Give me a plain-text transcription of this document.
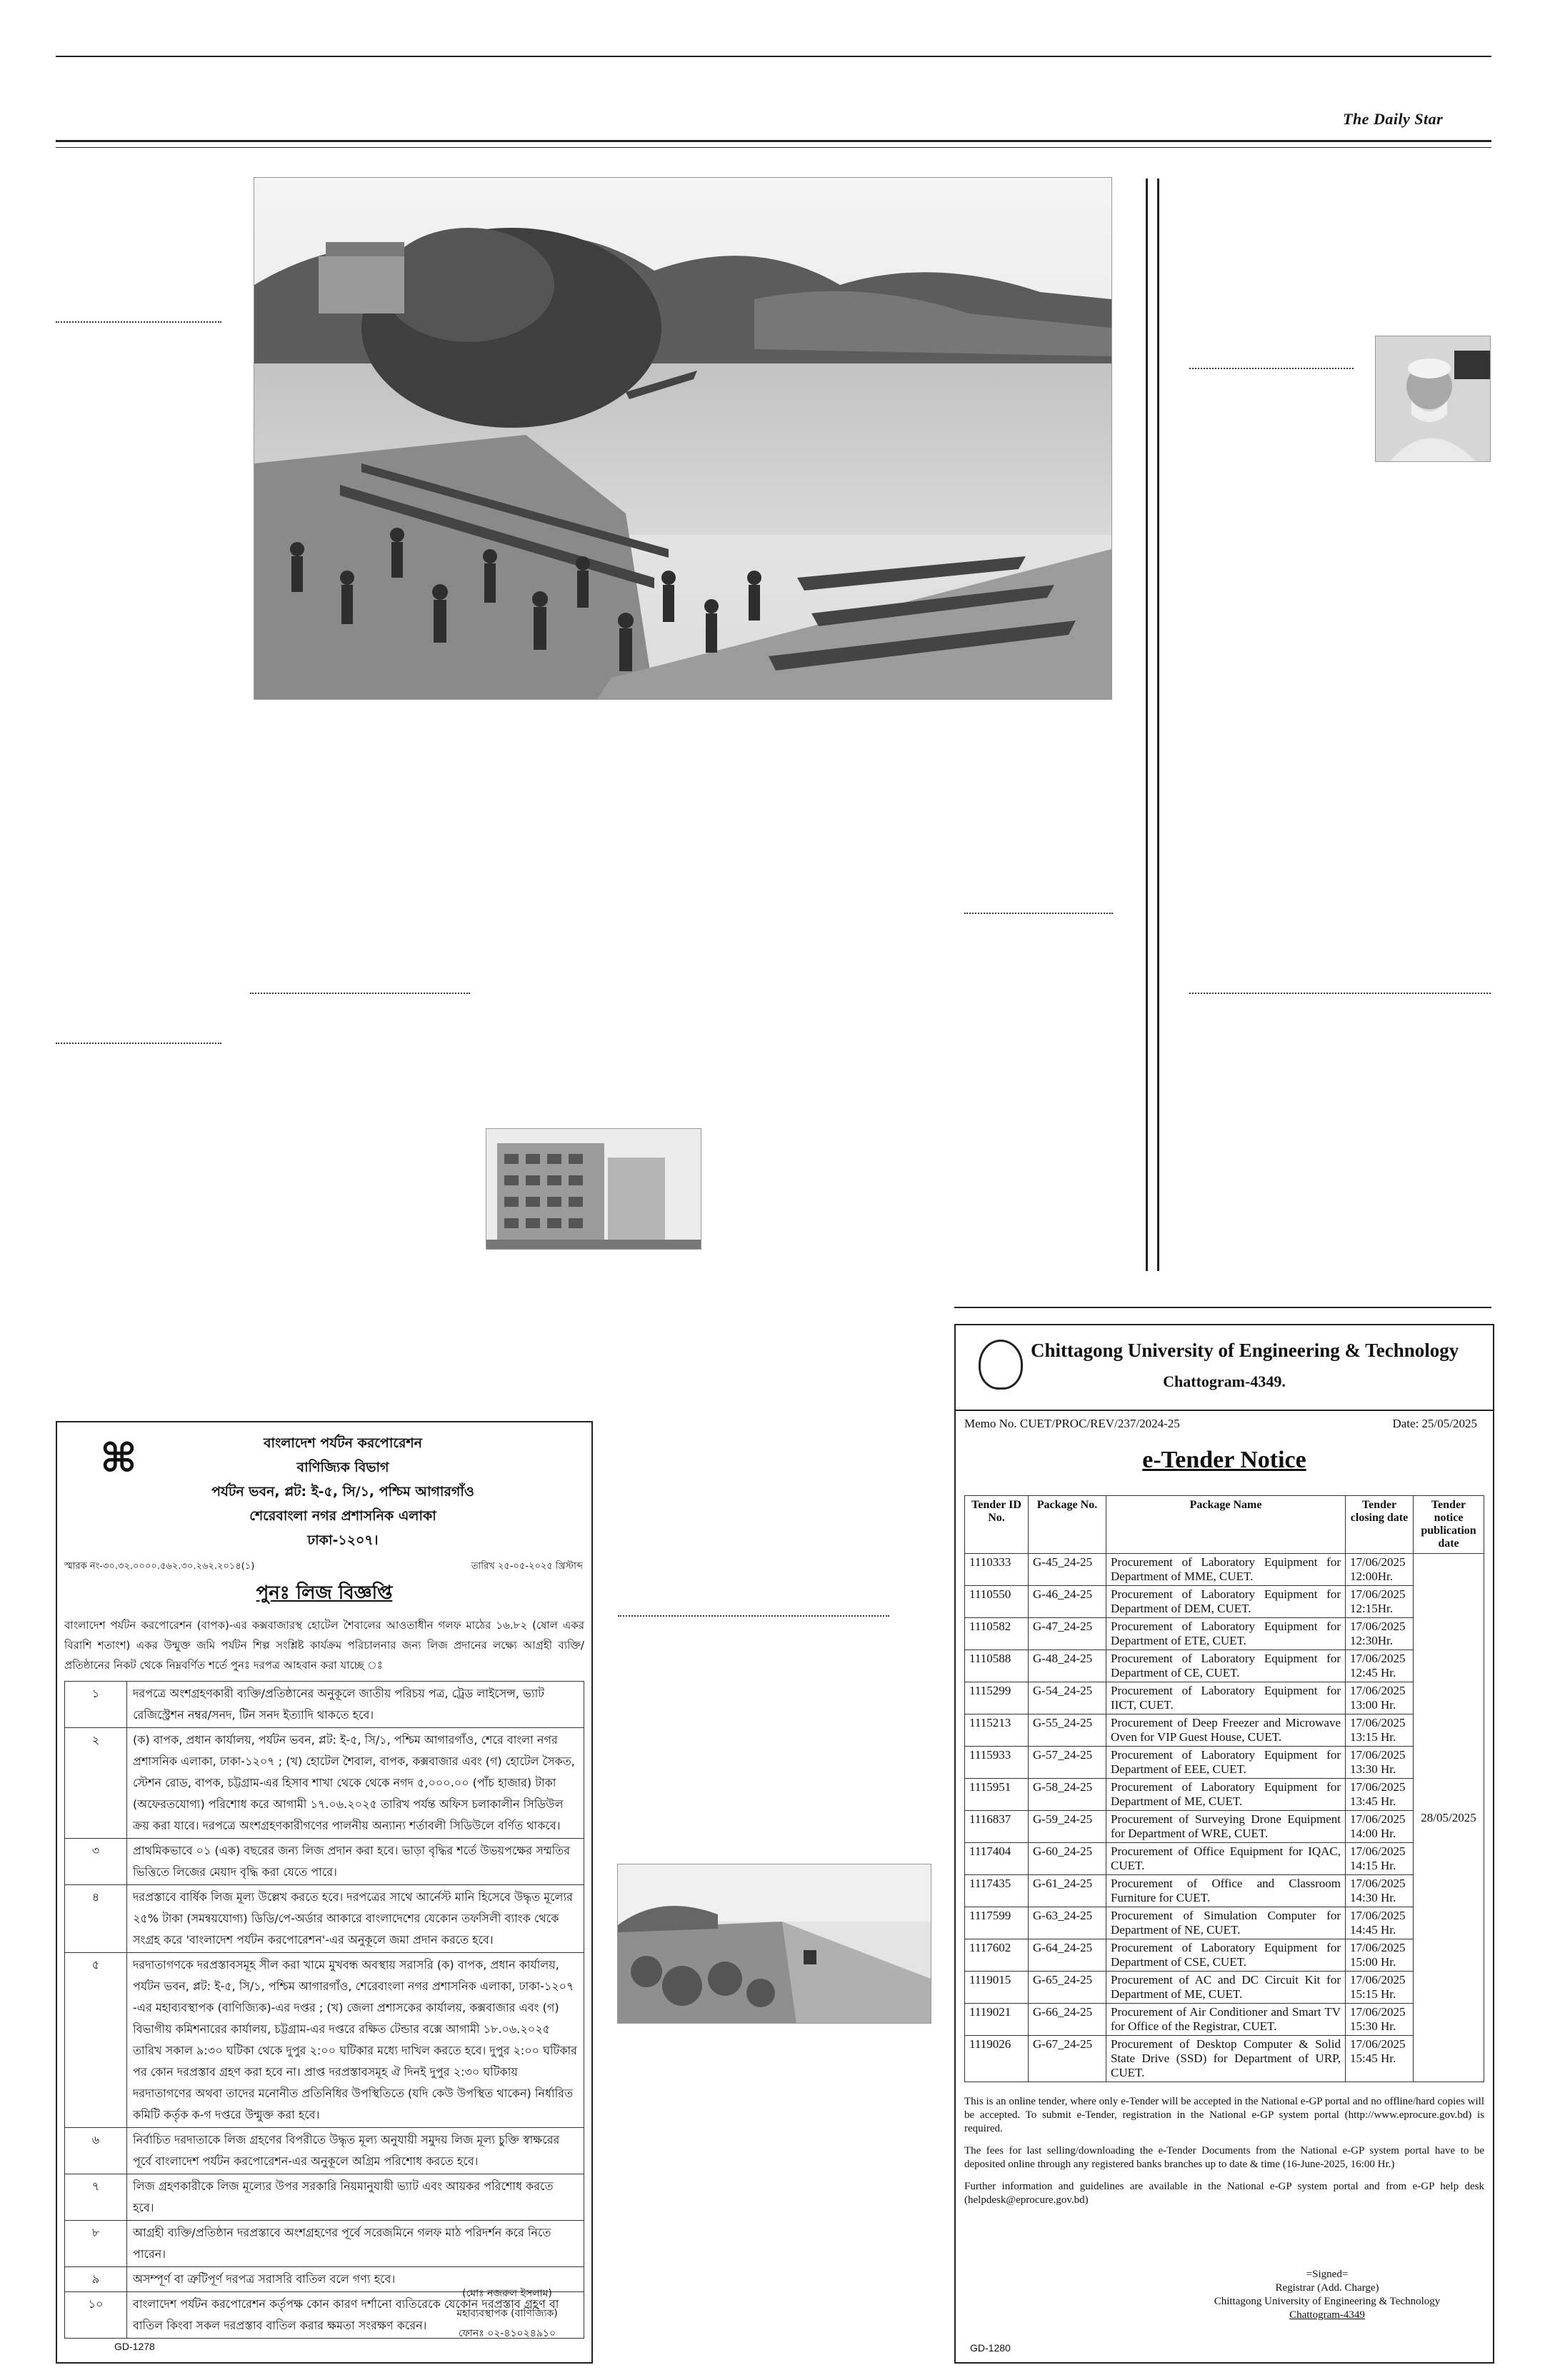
The Daily Star
⌘	বাংলাদেশ পর্যটন করপোরেশন
বাণিজ্যিক বিভাগ
পর্যটন ভবন, প্লট: ই-৫, সি/১, পশ্চিম আগারগাঁও
শেরেবাংলা নগর প্রশাসনিক এলাকা
ঢাকা-১২০৭।
স্মারক নং-৩০.৩২.০০০০.৫৬২.৩০.২৬২.২০১৪(১)	তারিখ ২৫-০৫-২০২৫ খ্রিস্টাব্দ
পুনঃ লিজ বিজ্ঞপ্তি
বাংলাদেশ পর্যটন করপোরেশন (বাপক)-এর কক্সবাজারস্থ হোটেল শৈবালের আওতাধীন গলফ মাঠের ১৬.৮২ (ষোল একর বিরাশি শতাংশ) একর উন্মুক্ত জমি পর্যটন শিল্প সংশ্লিষ্ট কার্যক্রম পরিচালনার জন্য লিজ প্রদানের লক্ষ্যে আগ্রহী ব্যক্তি/প্রতিষ্ঠানের নিকট থেকে নিম্নবর্ণিত শর্তে পুনঃ দরপত্র আহবান করা যাচ্ছে ঃ
১	দরপত্রে অংশগ্রহণকারী ব্যক্তি/প্রতিষ্ঠানের অনুকূলে জাতীয় পরিচয় পত্র, ট্রেড লাইসেন্স, ভ্যাট রেজিস্ট্রেশন নম্বর/সনদ, টিন সনদ ইত্যাদি থাকতে হবে।
২	(ক) বাপক, প্রধান কার্যালয়, পর্যটন ভবন, প্লট: ই-৫, সি/১, পশ্চিম আগারগাঁও, শেরে বাংলা নগর প্রশাসনিক এলাকা, ঢাকা-১২০৭ ; (খ) হোটেল শৈবাল, বাপক, কক্সবাজার এবং (গ) হোটেল সৈকত, স্টেশন রোড, বাপক, চট্টগ্রাম-এর হিসাব শাখা থেকে থেকে নগদ ৫,০০০.০০ (পাঁচ হাজার) টাকা (অফেরতযোগ্য) পরিশোধ করে আগামী ১৭.০৬.২০২৫ তারিখ পর্যন্ত অফিস চলাকালীন সিডিউল ক্রয় করা যাবে। দরপত্রে অংশগ্রহণকারীগণের পালনীয় অন্যান্য শর্তাবলী সিডিউলে বর্ণিত থাকবে।
৩	প্রাথমিকভাবে ০১ (এক) বছরের জন্য লিজ প্রদান করা হবে। ভাড়া বৃদ্ধির শর্তে উভয়পক্ষের সম্মতির ভিত্তিতে লিজের মেয়াদ বৃদ্ধি করা যেতে পারে।
৪	দরপ্রস্তাবে বার্ষিক লিজ মূল্য উল্লেখ করতে হবে। দরপত্রের সাথে আর্নেস্ট মানি হিসেবে উদ্ধৃত মূল্যের ২৫% টাকা (সমন্বয়যোগ্য) ডিডি/পে-অর্ডার আকারে বাংলাদেশের যেকোন তফসিলী ব্যাংক থেকে সংগ্রহ করে 'বাংলাদেশ পর্যটন করপোরেশন'-এর অনুকূলে জমা প্রদান করতে হবে।
৫	দরদাতাগণকে দরপ্রস্তাবসমূহ সীল করা খামে মুখবন্ধ অবস্থায় সরাসরি (ক) বাপক, প্রধান কার্যালয়, পর্যটন ভবন, প্লট: ই-৫, সি/১, পশ্চিম আগারগাঁও, শেরেবাংলা নগর প্রশাসনিক এলাকা, ঢাকা-১২০৭ -এর মহাব্যবস্থাপক (বাণিজ্যিক)-এর দপ্তর ; (খ) জেলা প্রশাসকের কার্যালয়, কক্সবাজার এবং (গ) বিভাগীয় কমিশনারের কার্যালয়, চট্টগ্রাম-এর দপ্তরে রক্ষিত টেন্ডার বক্সে আগামী ১৮.০৬.২০২৫ তারিখ সকাল ৯:৩০ ঘটিকা থেকে দুপুর ২:০০ ঘটিকার মধ্যে দাখিল করতে হবে। দুপুর ২:০০ ঘটিকার পর কোন দরপ্রস্তাব গ্রহণ করা হবে না। প্রাপ্ত দরপ্রস্তাবসমূহ ঐ দিনই দুপুর ২:৩০ ঘটিকায় দরদাতাগণের অথবা তাদের মনোনীত প্রতিনিধির উপস্থিতিতে (যদি কেউ উপস্থিত থাকেন) নির্ধারিত কমিটি কর্তৃক ক-গ দপ্তরে উন্মুক্ত করা হবে।
৬	নির্বাচিত দরদাতাকে লিজ গ্রহণের বিপরীতে উদ্ধৃত মূল্য অনুযায়ী সমুদয় লিজ মূল্য চুক্তি স্বাক্ষরের পূর্বে বাংলাদেশ পর্যটন করপোরেশন-এর অনুকূলে অগ্রিম পরিশোধ করতে হবে।
৭	লিজ গ্রহণকারীকে লিজ মূল্যের উপর সরকারি নিয়মানুযায়ী ভ্যাট এবং আয়কর পরিশোধ করতে হবে।
৮	আগ্রহী ব্যক্তি/প্রতিষ্ঠান দরপ্রস্তাবে অংশগ্রহণের পূর্বে সরেজমিনে গলফ মাঠ পরিদর্শন করে নিতে পারেন।
৯	অসম্পূর্ণ বা ত্রুটিপূর্ণ দরপত্র সরাসরি বাতিল বলে গণ্য হবে।
১০	বাংলাদেশ পর্যটন করপোরেশন কর্তৃপক্ষ কোন কারণ দর্শানো ব্যতিরেকে যেকোন দরপ্রস্তাব গ্রহণ বা বাতিল কিংবা সকল দরপ্রস্তাব বাতিল করার ক্ষমতা সংরক্ষণ করেন।
(মোঃ নজরুল ইসলাম)
মহাব্যবস্থাপক (বাণিজ্যিক)
ফোনঃ ০২-৪১০২৪৯১০
GD-1278
Chittagong University of Engineering & Technology
Chattogram-4349.
Memo No. CUET/PROC/REV/237/2024-25	Date: 25/05/2025
e-Tender Notice
Tender ID No.	Package No.	Package Name	Tender closing date	Tender notice publication date
1110333	G-45_24-25	Procurement of Laboratory Equipment for Department of MME, CUET.	17/06/2025 12:00Hr.	28/05/2025
1110550	G-46_24-25	Procurement of Laboratory Equipment for Department of DEM, CUET.	17/06/2025 12:15Hr.	
1110582	G-47_24-25	Procurement of Laboratory Equipment for Department of ETE, CUET.	17/06/2025 12:30Hr.	
1110588	G-48_24-25	Procurement of Laboratory Equipment for Department of CE, CUET.	17/06/2025 12:45 Hr.	
1115299	G-54_24-25	Procurement of Laboratory Equipment for IICT, CUET.	17/06/2025 13:00 Hr.	
1115213	G-55_24-25	Procurement of Deep Freezer and Microwave Oven for VIP Guest House, CUET.	17/06/2025 13:15 Hr.	
1115933	G-57_24-25	Procurement of Laboratory Equipment for Department of EEE, CUET.	17/06/2025 13:30 Hr.	
1115951	G-58_24-25	Procurement of Laboratory Equipment for Department of ME, CUET.	17/06/2025 13:45 Hr.	
1116837	G-59_24-25	Procurement of Surveying Drone Equipment for Department of WRE, CUET.	17/06/2025 14:00 Hr.	
1117404	G-60_24-25	Procurement of Office Equipment for IQAC, CUET.	17/06/2025 14:15 Hr.	
1117435	G-61_24-25	Procurement of Office and Classroom Furniture for CUET.	17/06/2025 14:30 Hr.	
1117599	G-63_24-25	Procurement of Simulation Computer for Department of NE, CUET.	17/06/2025 14:45 Hr.	
1117602	G-64_24-25	Procurement of Laboratory Equipment for Department of CSE, CUET.	17/06/2025 15:00 Hr.	
1119015	G-65_24-25	Procurement of AC and DC Circuit Kit for Department of ME, CUET.	17/06/2025 15:15 Hr.	
1119021	G-66_24-25	Procurement of Air Conditioner and Smart TV for Office of the Registrar, CUET.	17/06/2025 15:30 Hr.	
1119026	G-67_24-25	Procurement of Desktop Computer & Solid State Drive (SSD) for Department of URP, CUET.	17/06/2025 15:45 Hr.	

This is an online tender, where only e-Tender will be accepted in the National e-GP portal and no offline/hard copies will be accepted. To submit e-Tender, registration in the National e-GP system portal (http://www.eprocure.gov.bd) is required.

The fees for last selling/downloading the e-Tender Documents from the National e-GP system portal have to be deposited online through any registered banks branches up to date & time (16-June-2025, 16:00 Hr.)

Further information and guidelines are available in the National e-GP system portal and from e-GP help desk (helpdesk@eprocure.gov.bd)

=Signed=
Registrar (Add. Charge)
Chittagong University of Engineering & Technology
Chattogram-4349
GD-1280
